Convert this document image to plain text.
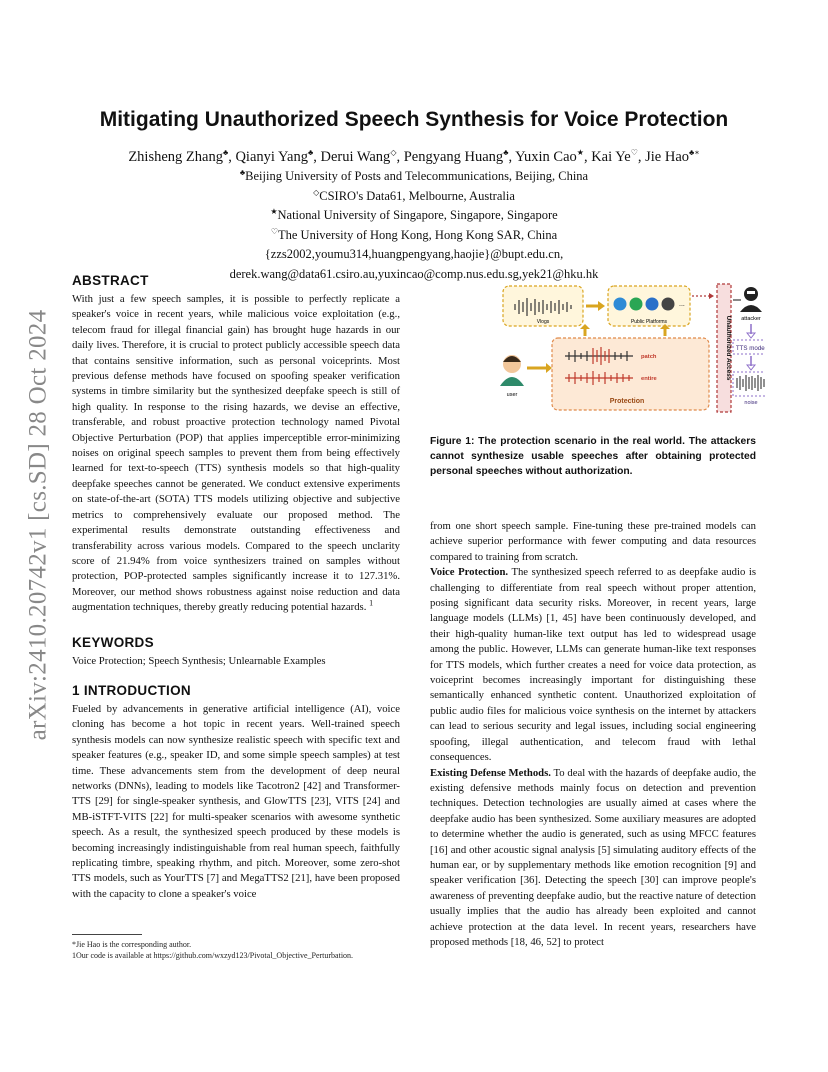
arXiv:2410.20742v1 [cs.SD] 28 Oct 2024
Mitigating Unauthorized Speech Synthesis for Voice Protection
Zhisheng Zhang♣, Qianyi Yang♣, Derui Wang◇, Pengyang Huang♣, Yuxin Cao★, Kai Ye♡, Jie Hao♣∗
♣Beijing University of Posts and Telecommunications, Beijing, China
◇CSIRO's Data61, Melbourne, Australia
★National University of Singapore, Singapore, Singapore
♡The University of Hong Kong, Hong Kong SAR, China
{zzs2002,youmu314,huangpengyang,haojie}@bupt.edu.cn,
derek.wang@data61.csiro.au,yuxincao@comp.nus.edu.sg,yek21@hku.hk
ABSTRACT

With just a few speech samples, it is possible to perfectly replicate a speaker's voice in recent years, while malicious voice exploitation (e.g., telecom fraud for illegal financial gain) has brought huge hazards in our daily lives. Therefore, it is crucial to protect publicly accessible speech data that contains sensitive information, such as personal voiceprints. Most previous defense methods have focused on spoofing speaker verification systems in timbre similarity but the synthesized deepfake speech is still of high quality. In response to the rising hazards, we devise an effective, transferable, and robust proactive protection technology named Pivotal Objective Perturbation (POP) that applies imperceptible error-minimizing noises on original speech samples to prevent them from being effectively learned for text-to-speech (TTS) synthesis models so that high-quality deepfake speeches cannot be generated. We conduct extensive experiments on state-of-the-art (SOTA) TTS models utilizing objective and subjective metrics to comprehensively evaluate our proposed method. The experimental results demonstrate outstanding effectiveness and transferability across various models. Compared to the speech unclarity score of 21.94% from voice synthesizers trained on samples without protection, POP-protected samples significantly increase it to 127.31%. Moreover, our method shows robustness against noise reduction and data augmentation techniques, thereby greatly reducing potential hazards. $^1$

KEYWORDS

Voice Protection; Speech Synthesis; Unlearnable Examples

1 INTRODUCTION

Fueled by advancements in generative artificial intelligence (AI), voice cloning has become a hot topic in recent years. Well-trained speech synthesis models can now synthesize realistic speech with specific text and speaker features (e.g., speaker ID, and some simple speech samples) at test time. These advancements stem from the development of deep neural networks (DNNs), leading to models like Tacotron2 [42] and Transformer-TTS [29] for single-speaker synthesis, and GlowTTS [23], VITS [24] and MB-iSTFT-VITS [22] for multi-speaker scenarios with awesome synthetic speech. As a result, the synthesized speech produced by these models is becoming increasingly indistinguishable from real human speech, faithfully replicating timbre, speaking rhythm, and pitch. Moreover, some zero-shot TTS models, such as YourTTS [7] and MegaTTS2 [21], have been proposed with the capacity to clone a speaker's voice

*Jie Hao is the corresponding author.
1Our code is available at https://github.com/wxzyd123/Pivotal_Objective_Perturbation.
Vlogs
...
Public Platforms	Unauthorized Access attacker
TTS model
noise
patch
entire
Protection
user

Figure 1: The protection scenario in the real world. The attackers cannot synthesize usable speeches after obtaining protected personal speeches without authorization.

from one short speech sample. Fine-tuning these pre-trained models can achieve superior performance with fewer computing and data resources compared to training from scratch.

Voice Protection. The synthesized speech referred to as deepfake audio is challenging to differentiate from real speech without proper attention, posing significant data security risks. Moreover, in recent years, large language models (LLMs) [1, 45] have been continuously developed, and their high-quality human-like text output has led to widespread usage among the public. However, LLMs can generate human-like text responses for TTS models, which further creates a need for voice data protection, as voiceprint becomes increasingly important for distinguishing these semantically enhanced synthetic content. Unauthorized exploitation of public audio files for malicious voice synthesis on the internet by attackers can lead to serious security and legal issues, including social engineering spoofing, illegal authentication, and telecom fraud with lethal consequences.

Existing Defense Methods. To deal with the hazards of deepfake audio, the existing defensive methods mainly focus on detection and prevention techniques. Detection technologies are usually aimed at cases where the deepfake audio has been synthesized. Some auxiliary measures are adopted to determine whether the audio is generated, such as using MFCC features [16] and other acoustic signal analysis [5] simulating auditory effects of the human ear, or by supplementary methods like emotion recognition [9] and speaker verification [36]. Detecting the speech [30] can improve people's awareness of preventing deepfake audio, but the reactive nature of detection usually implies that the audio has already been exploited and cannot achieve protection at the data level. In recent years, researchers have proposed methods [18, 46, 52] to protect
